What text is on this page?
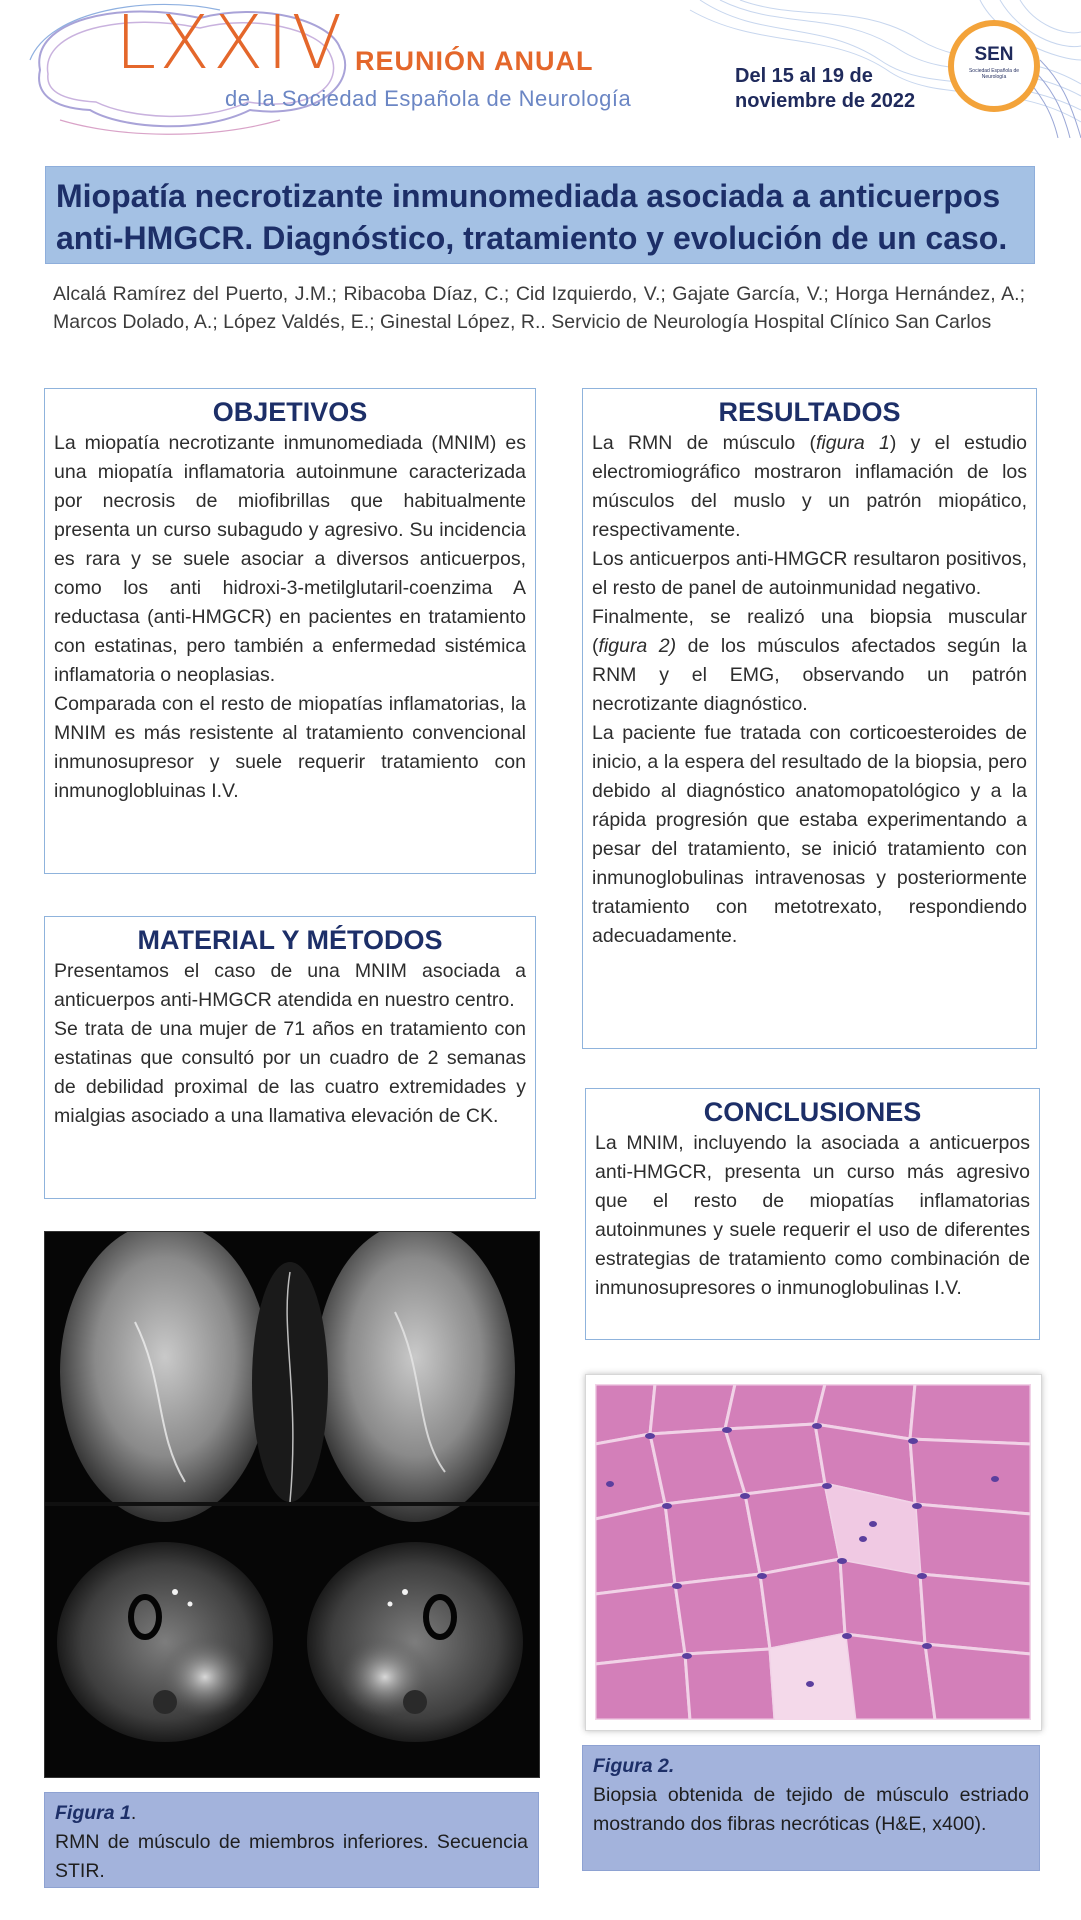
LXXIV REUNIÓN ANUAL
de la Sociedad Española de Neurología
Del 15 al 19 de
noviembre de 2022
SEN
Sociedad Española de Neurología
Miopatía necrotizante inmunomediada asociada a anticuerpos anti-HMGCR. Diagnóstico, tratamiento y evolución de un caso.
Alcalá Ramírez del Puerto, J.M.; Ribacoba Díaz, C.; Cid Izquierdo, V.; Gajate García, V.; Horga Hernández, A.; Marcos Dolado, A.; López Valdés, E.; Ginestal López, R.. Servicio de Neurología Hospital Clínico San Carlos
OBJETIVOS

La miopatía necrotizante inmunomediada (MNIM) es una miopatía inflamatoria autoinmune caracterizada por necrosis de miofibrillas que habitualmente presenta un curso subagudo y agresivo. Su incidencia es rara y se suele asociar a diversos anticuerpos, como los anti hidroxi-3-metilglutaril-coenzima A reductasa (anti-HMGCR) en pacientes en tratamiento con estatinas, pero también a enfermedad sistémica inflamatoria o neoplasias.

Comparada con el resto de miopatías inflamatorias, la MNIM es más resistente al tratamiento convencional inmunosupresor y suele requerir tratamiento con inmunoglobluinas I.V.

MATERIAL Y MÉTODOS

Presentamos el caso de una MNIM asociada a anticuerpos anti-HMGCR atendida en nuestro centro.

Se trata de una mujer de 71 años en tratamiento con estatinas que consultó por un cuadro de 2 semanas de debilidad proximal de las cuatro extremidades y mialgias asociado a una llamativa elevación de CK.

RESULTADOS

La RMN de músculo (figura 1) y el estudio electromiográfico mostraron inflamación de los músculos del muslo y un patrón miopático, respectivamente.

Los anticuerpos anti-HMGCR resultaron positivos, el resto de panel de autoinmunidad negativo.

Finalmente, se realizó una biopsia muscular (figura 2) de los músculos afectados según la RNM y el EMG, observando un patrón necrotizante diagnóstico.

La paciente fue tratada con corticoesteroides de inicio, a la espera del resultado de la biopsia, pero debido al diagnóstico anatomopatológico y a la rápida progresión que estaba experimentando a pesar del tratamiento, se inició tratamiento con inmunoglobulinas intravenosas y posteriormente tratamiento con metotrexato, respondiendo adecuadamente.

CONCLUSIONES

La MNIM, incluyendo la asociada a anticuerpos anti-HMGCR, presenta un curso más agresivo que el resto de miopatías inflamatorias autoinmunes y suele requerir el uso de diferentes estrategias de tratamiento como combinación de inmunosupresores o inmunoglobulinas I.V.

Figura 1.
RMN de músculo de miembros inferiores. Secuencia STIR.
Figura 2.
Biopsia obtenida de tejido de músculo estriado mostrando dos fibras necróticas (H&E, x400).
